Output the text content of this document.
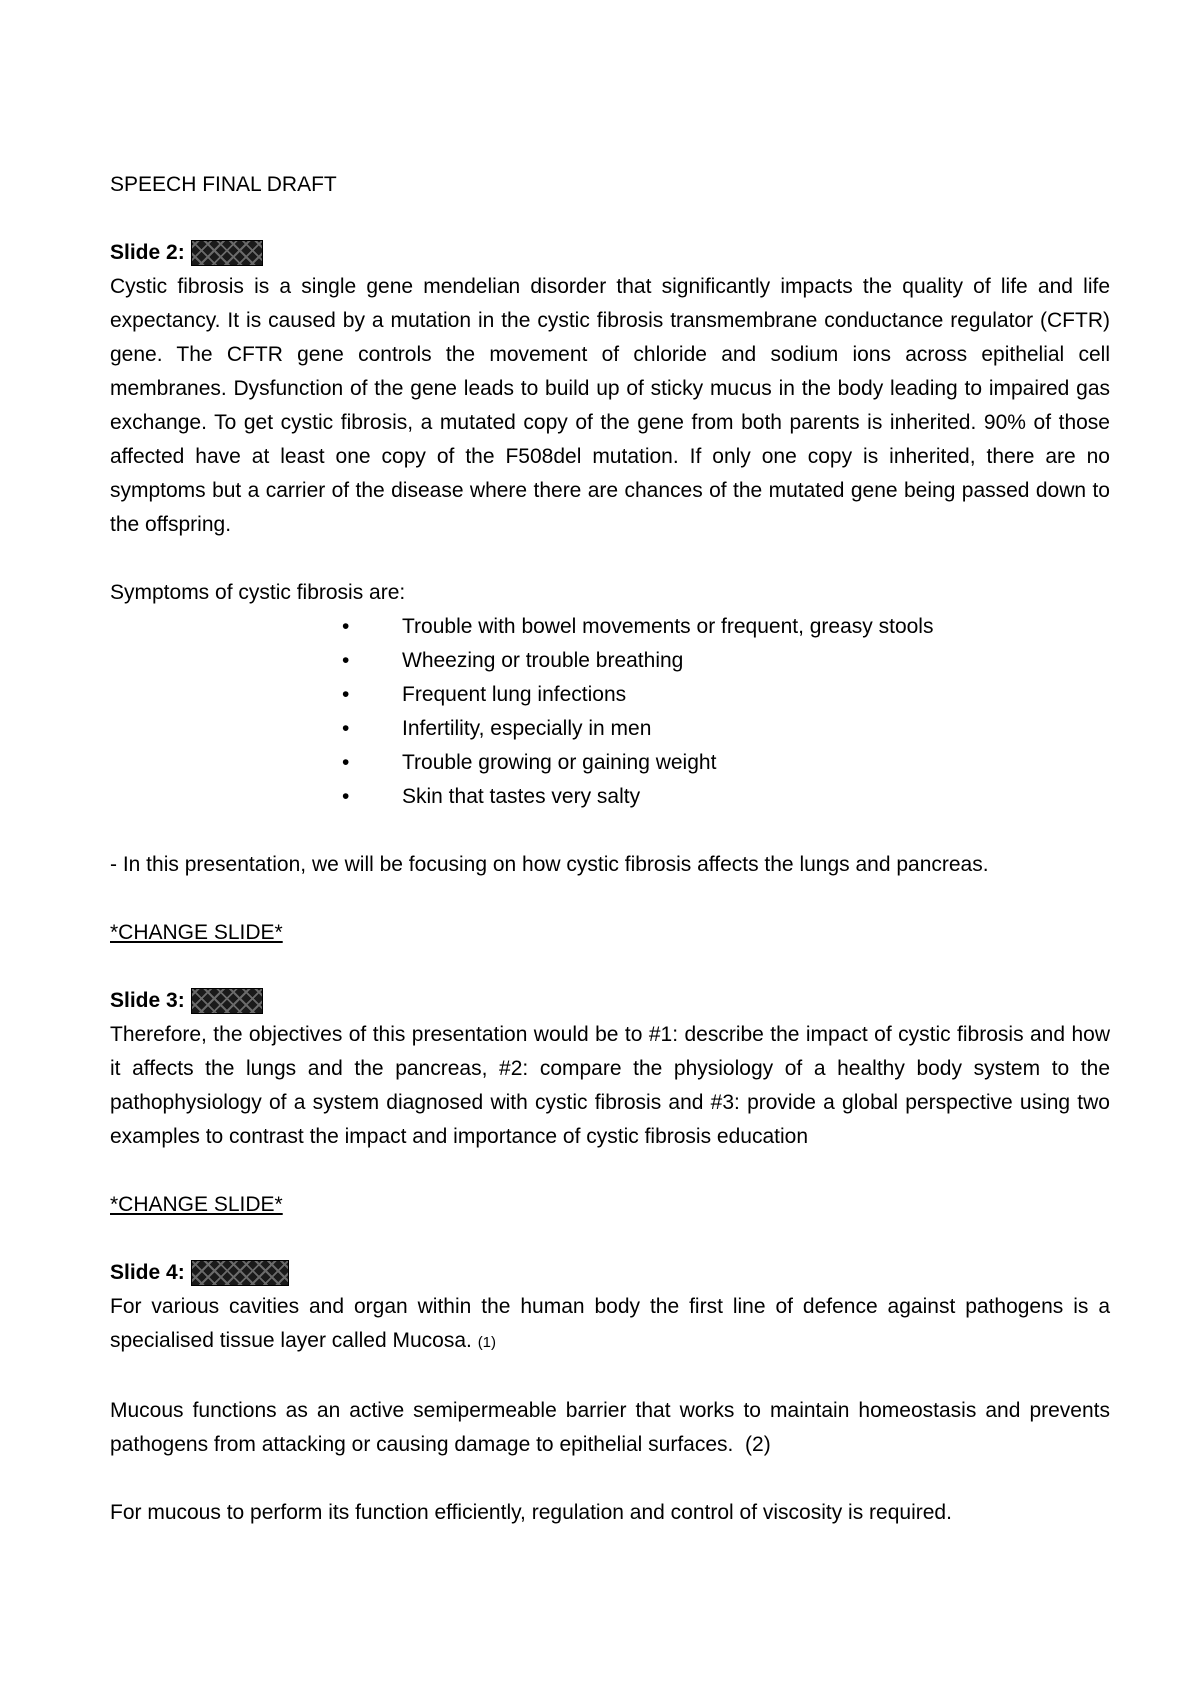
SPEECH FINAL DRAFT
Slide 2:

Cystic fibrosis is a single gene mendelian disorder that significantly impacts the quality of life and life expectancy. It is caused by a mutation in the cystic fibrosis transmembrane conductance regulator (CFTR) gene. The CFTR gene controls the movement of chloride and sodium ions across epithelial cell membranes. Dysfunction of the gene leads to build up of sticky mucus in the body leading to impaired gas exchange. To get cystic fibrosis, a mutated copy of the gene from both parents is inherited. 90% of those affected have at least one copy of the F508del mutation. If only one copy is inherited, there are no symptoms but a carrier of the disease where there are chances of the mutated gene being passed down to the offspring.

Symptoms of cystic fibrosis are:
•	Trouble with bowel movements or frequent, greasy stools
•	Wheezing or trouble breathing
•	Frequent lung infections
•	Infertility, especially in men
•	Trouble growing or gaining weight
•	Skin that tastes very salty
- In this presentation, we will be focusing on how cystic fibrosis affects the lungs and pancreas.
*CHANGE SLIDE*
Slide 3:

Therefore, the objectives of this presentation would be to #1: describe the impact of cystic fibrosis and how it affects the lungs and the pancreas, #2: compare the physiology of a healthy body system to the pathophysiology of a system diagnosed with cystic fibrosis and #3: provide a global perspective using two examples to contrast the impact and importance of cystic fibrosis education

*CHANGE SLIDE*
Slide 4:

For various cavities and organ within the human body the first line of defence against pathogens is a specialised tissue layer called Mucosa. (1)

Mucous functions as an active semipermeable barrier that works to maintain homeostasis and prevents pathogens from attacking or causing damage to epithelial surfaces. (2)

For mucous to perform its function efficiently, regulation and control of viscosity is required.
